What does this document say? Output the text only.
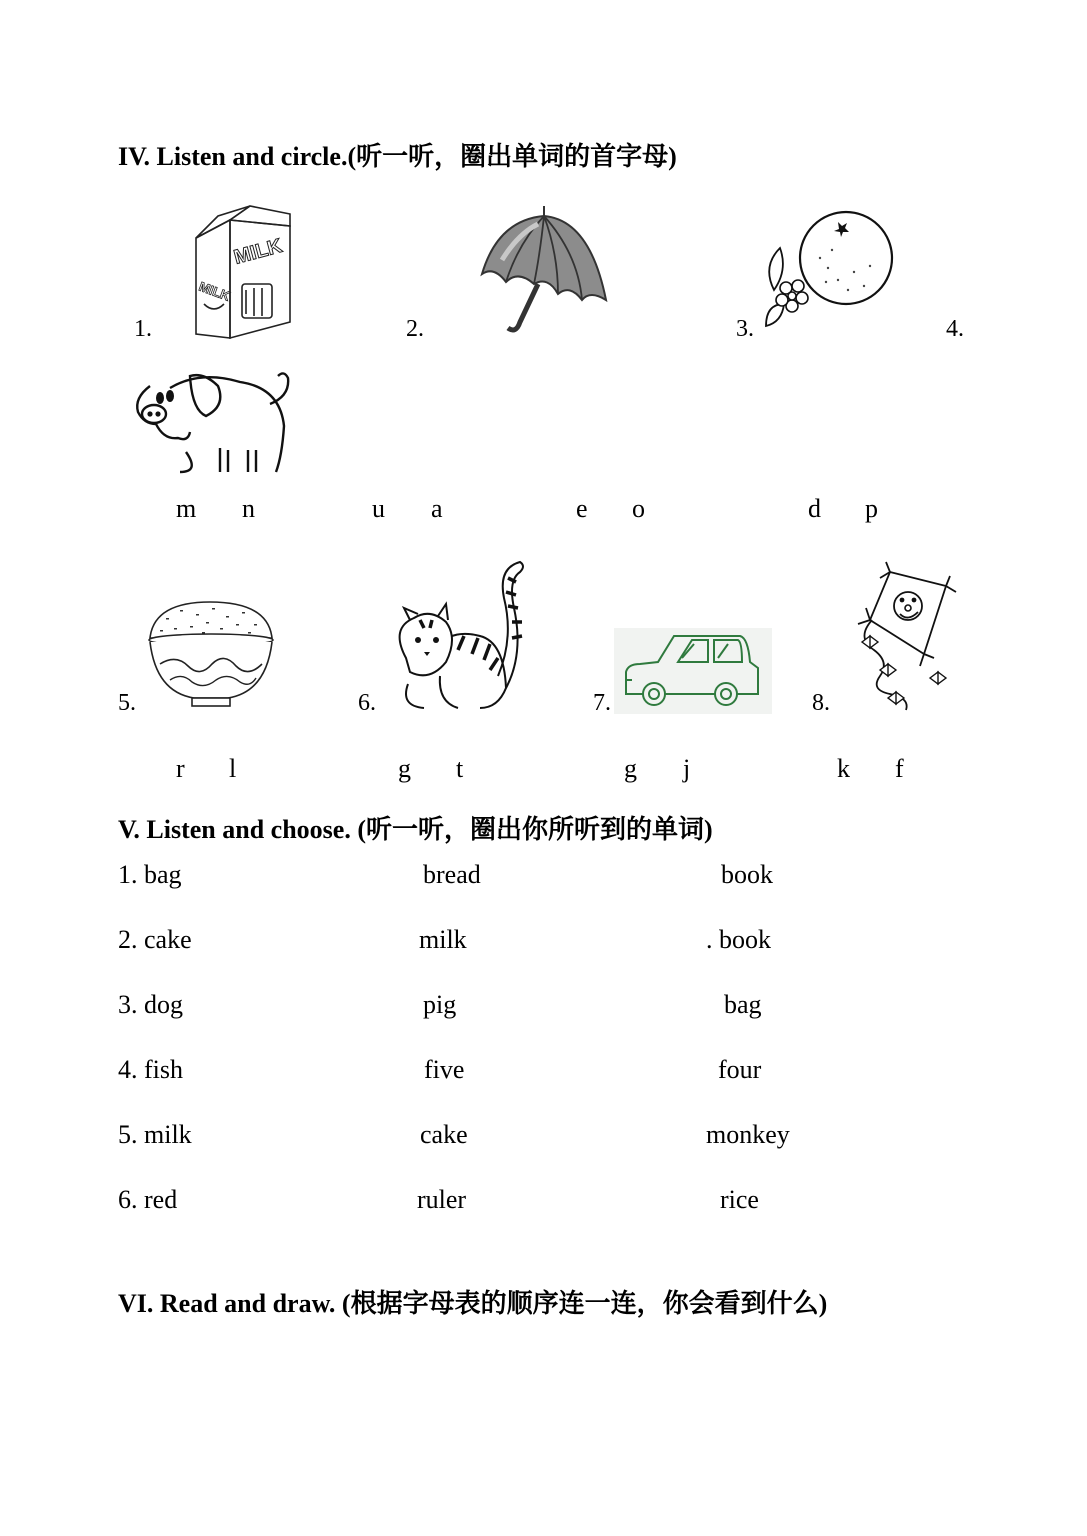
IV. Listen and circle.(听一听，圈出单词的首字母)
1.	2.	3.	4.
MILK
MILK
m n	u a	e o	d p
5.	6.	7.	8.
r l	g t	g j	k f
V. Listen and choose. (听一听，圈出你所听到的单词)
1. bag	bread	book
2. cake	milk	. book
3. dog	pig	bag
4. fish	five	four
5. milk	cake	monkey
6. red	ruler	rice
VI. Read and draw. (根据字母表的顺序连一连，你会看到什么)
